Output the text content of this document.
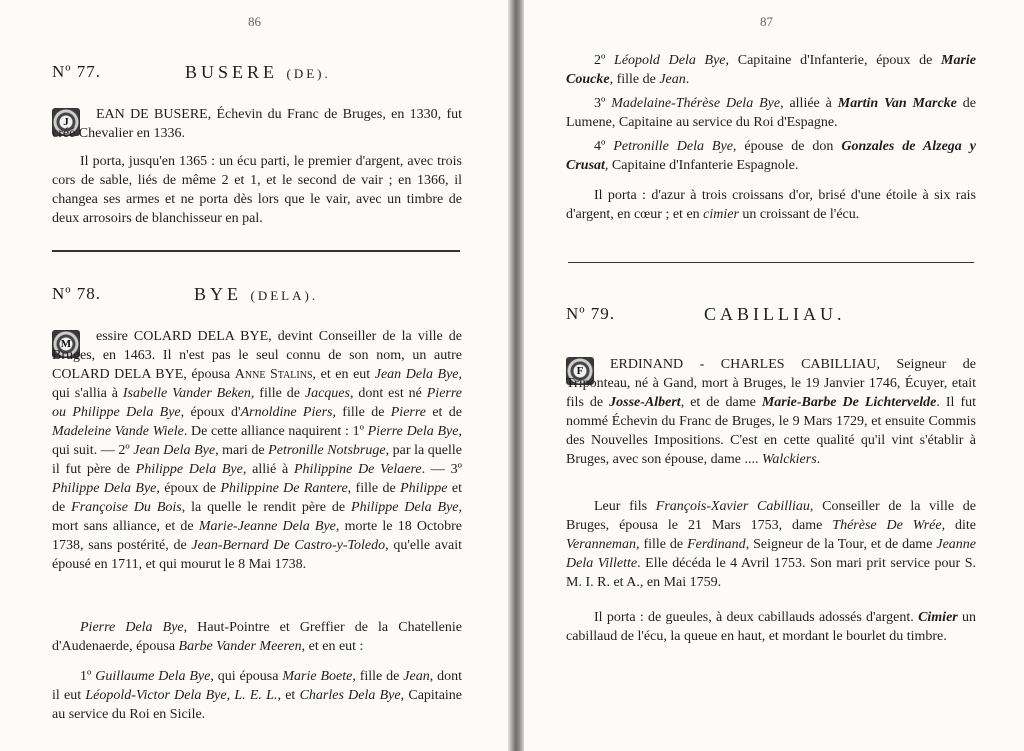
86
Nº 77.	BUSERE (DE).
J	EAN DE BUSERE, Échevin du Franc de Bruges, en 1330, fut créé Chevalier en 1336.
Il porta, jusqu'en 1365 : un écu parti, le premier d'argent, avec trois cors de sable, liés de même 2 et 1, et le second de vair ; en 1366, il changea ses armes et ne porta dès lors que le vair, avec un timbre de deux arrosoirs de blanchisseur en pal.
Nº 78.	BYE (DELA).
M	essire COLARD DELA BYE, devint Conseiller de la ville de Bruges, en 1463. Il n'est pas le seul connu de son nom, un autre COLARD DELA BYE, épousa Anne Stalins, et en eut Jean Dela Bye, qui s'allia à Isabelle Vander Beken, fille de Jacques, dont est né Pierre ou Philippe Dela Bye, époux d'Arnoldine Piers, fille de Pierre et de Madeleine Vande Wiele. De cette alliance naquirent : 1º Pierre Dela Bye, qui suit. — 2º Jean Dela Bye, mari de Petronille Notsbruge, par la quelle il fut père de Philippe Dela Bye, allié à Philippine De Velaere. — 3º Philippe Dela Bye, époux de Philippine De Rantere, fille de Philippe et de Françoise Du Bois, la quelle le rendit père de Philippe Dela Bye, mort sans alliance, et de Marie-Jeanne Dela Bye, morte le 18 Octobre 1738, sans postérité, de Jean-Bernard De Castro-y-Toledo, qu'elle avait épousé en 1711, et qui mourut le 8 Mai 1738.
Pierre Dela Bye, Haut-Pointre et Greffier de la Chatellenie d'Audenaerde, épousa Barbe Vander Meeren, et en eut :
1º Guillaume Dela Bye, qui épousa Marie Boete, fille de Jean, dont il eut Léopold-Victor Dela Bye, L. E. L., et Charles Dela Bye, Capitaine au service du Roi en Sicile.
87
2º Léopold Dela Bye, Capitaine d'Infanterie, époux de Marie Coucke, fille de Jean.
3º Madelaine-Thérèse Dela Bye, alliée à Martin Van Marcke de Lumene, Capitaine au service du Roi d'Espagne.
4º Petronille Dela Bye, épouse de don Gonzales de Alzega y Crusat, Capitaine d'Infanterie Espagnole.
Il porta : d'azur à trois croissans d'or, brisé d'une étoile à six rais d'argent, en cœur ; et en cimier un croissant de l'écu.
Nº 79.	CABILLIAU.
F	ERDINAND - CHARLES CABILLIAU, Seigneur de Triponteau, né à Gand, mort à Bruges, le 19 Janvier 1746, Écuyer, etait fils de Josse-Albert, et de dame Marie-Barbe De Lichtervelde. Il fut nommé Échevin du Franc de Bruges, le 9 Mars 1729, et ensuite Commis des Nouvelles Impositions. C'est en cette qualité qu'il vint s'établir à Bruges, avec son épouse, dame .... Walckiers.
Leur fils François-Xavier Cabilliau, Conseiller de la ville de Bruges, épousa le 21 Mars 1753, dame Thérèse De Wrée, dite Veranneman, fille de Ferdinand, Seigneur de la Tour, et de dame Jeanne Dela Villette. Elle décéda le 4 Avril 1753. Son mari prit service pour S. M. I. R. et A., en Mai 1759.
Il porta : de gueules, à deux cabillauds adossés d'argent. Cimier un cabillaud de l'écu, la queue en haut, et mordant le bourlet du timbre.
